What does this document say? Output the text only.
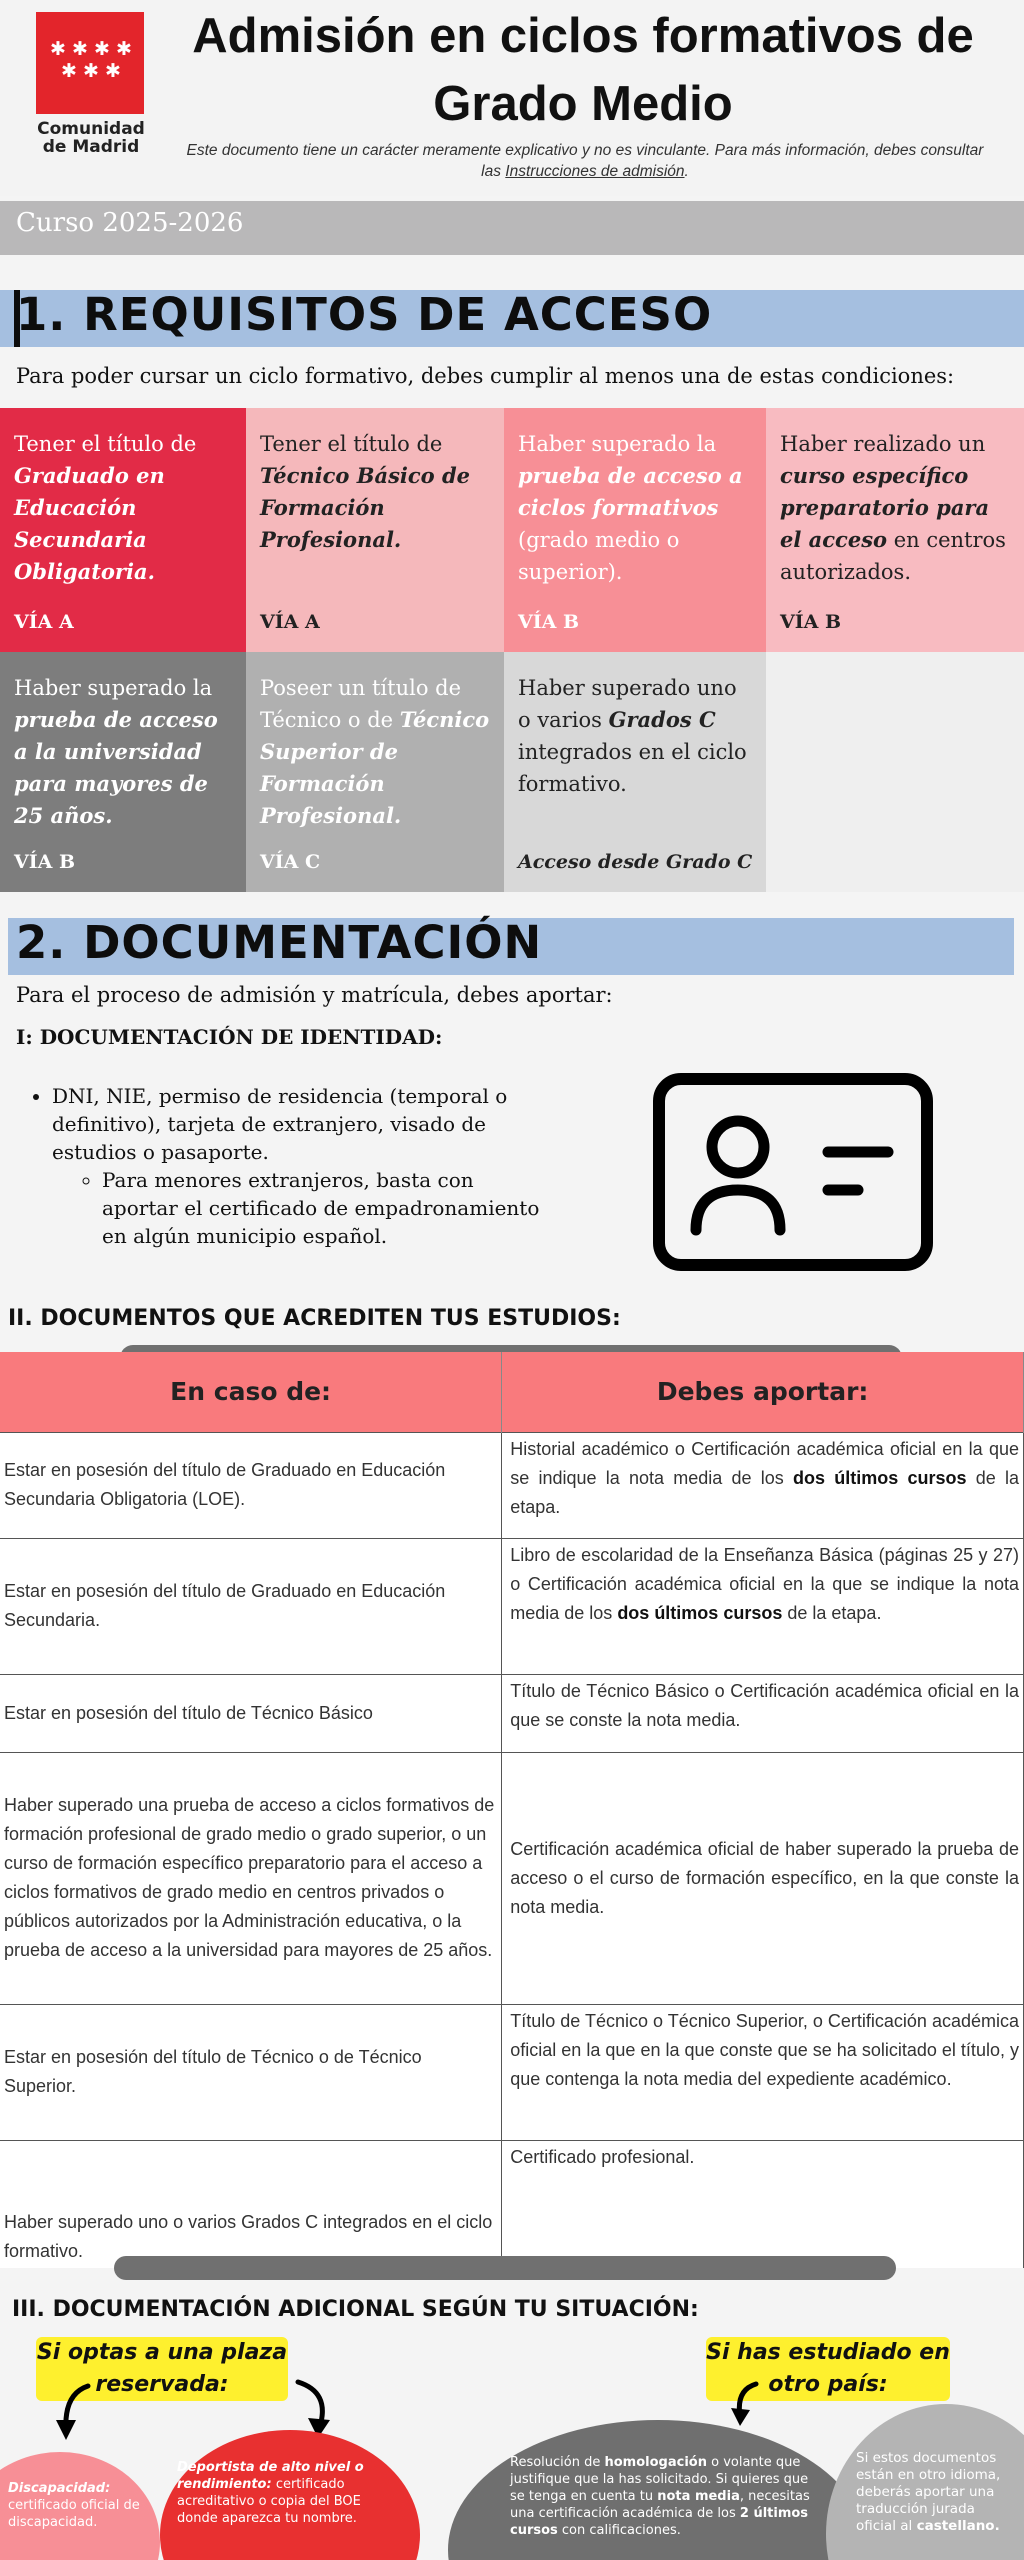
✱ ✱ ✱ ✱
✱ ✱ ✱
Comunidad de Madrid
Admisión en ciclos formativos de Grado Medio
Este documento tiene un carácter meramente explicativo y no es vinculante. Para más información, debes consultar las Instrucciones de admisión.
Curso 2025-2026
1. REQUISITOS DE ACCESO
Para poder cursar un ciclo formativo, debes cumplir al menos una de estas condiciones:
2. DOCUMENTACIÓN
Para el proceso de admisión y matrícula, debes aportar:
I: DOCUMENTACIÓN DE IDENTIDAD:
• DNI, NIE, permiso de residencia (temporal o definitivo), tarjeta de extranjero, visado de estudios o pasaporte.
◦ Para menores extranjeros, basta con aportar el certificado de empadronamiento en algún municipio español.
II. DOCUMENTOS QUE ACREDITEN TUS ESTUDIOS:
En caso de:	Debes aportar:
Estar en posesión del título de Graduado en Educación Secundaria Obligatoria (LOE).	Historial académico o Certificación académica oficial en la que se indique la nota media de los dos últimos cursos de la etapa.
Estar en posesión del título de Graduado en Educación Secundaria.	Libro de escolaridad de la Enseñanza Básica (páginas 25 y 27) o Certificación académica oficial en la que se indique la nota media de los dos últimos cursos de la etapa.
Estar en posesión del título de Técnico Básico	Título de Técnico Básico o Certificación académica oficial en la que se conste la nota media.
Haber superado una prueba de acceso a ciclos formativos de formación profesional de grado medio o grado superior, o un curso de formación específico preparatorio para el acceso a ciclos formativos de grado medio en centros privados o públicos autorizados por la Administración educativa, o la prueba de acceso a la universidad para mayores de 25 años.	Certificación académica oficial de haber superado la prueba de acceso o el curso de formación específico, en la que conste la nota media.
Estar en posesión del título de Técnico o de Técnico Superior.	Título de Técnico o Técnico Superior, o Certificación académica oficial en la que en la que conste que se ha solicitado el título, y que contenga la nota media del expediente académico.
Haber superado uno o varios Grados C integrados en el ciclo formativo.	Certificado profesional.
III. DOCUMENTACIÓN ADICIONAL SEGÚN TU SITUACIÓN:
Si optas a una plaza reservada:
Si has estudiado en otro país:
Discapacidad: certificado oficial de discapacidad.
Deportista de alto nivel o rendimiento: certificado acreditativo o copia del BOE donde aparezca tu nombre.
Resolución de homologación o volante que justifique que la has solicitado. Si quieres que se tenga en cuenta tu nota media, necesitas una certificación académica de los 2 últimos cursos con calificaciones.
Si estos documentos están en otro idioma, deberás aportar una traducción jurada oficial al castellano.
Tener el título de Graduado en Educación Secundaria Obligatoria.
VÍA A
Tener el título de Técnico Básico de Formación Profesional.
VÍA A
Haber superado la prueba de acceso a ciclos formativos (grado medio o superior).
VÍA B
Haber realizado un curso específico preparatorio para el acceso en centros autorizados.
VÍA B
Haber superado la prueba de acceso a la universidad para mayores de 25 años.
VÍA B
Poseer un título de Técnico o de Técnico Superior de Formación Profesional.
VÍA C
Haber superado uno o varios Grados C integrados en el ciclo formativo.
Acceso desde Grado C
